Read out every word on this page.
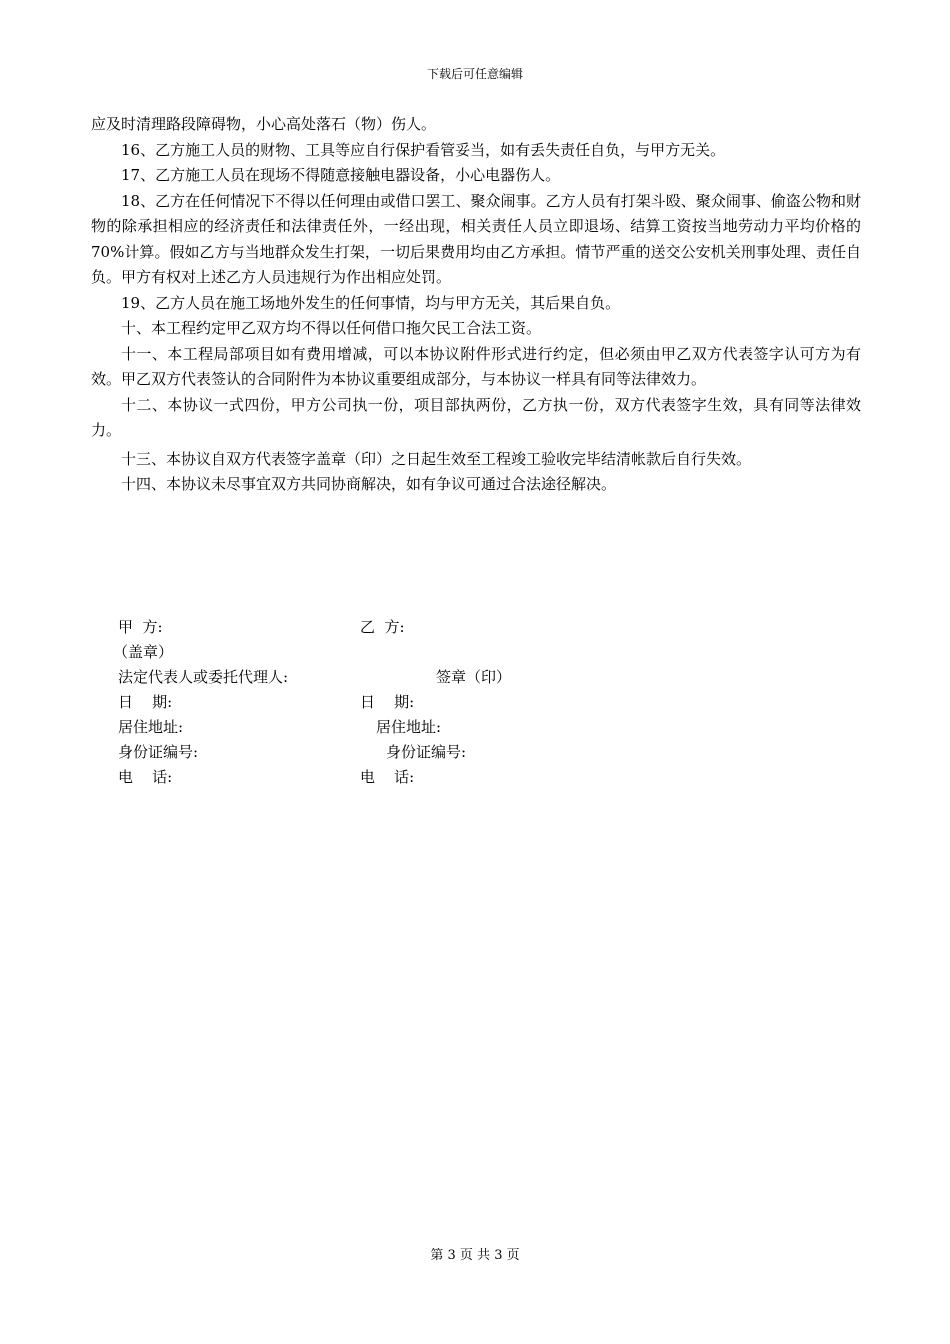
下载后可任意编辑

应及时清理路段障碍物，小心高处落石（物）伤人。

16、乙方施工人员的财物、工具等应自行保护看管妥当，如有丢失责任自负，与甲方无关。

17、乙方施工人员在现场不得随意接触电器设备，小心电器伤人。

18、乙方在任何情况下不得以任何理由或借口罢工、聚众闹事。乙方人员有打架斗殴、聚众闹事、偷盗公物和财物的除承担相应的经济责任和法律责任外，一经出现，相关责任人员立即退场、结算工资按当地劳动力平均价格的70%计算。假如乙方与当地群众发生打架，一切后果费用均由乙方承担。情节严重的送交公安机关刑事处理、责任自负。甲方有权对上述乙方人员违规行为作出相应处罚。

19、乙方人员在施工场地外发生的任何事情，均与甲方无关，其后果自负。

十、本工程约定甲乙双方均不得以任何借口拖欠民工合法工资。

十一、本工程局部项目如有费用增减，可以本协议附件形式进行约定，但必须由甲乙双方代表签字认可方为有效。甲乙双方代表签认的合同附件为本协议重要组成部分，与本协议一样具有同等法律效力。

十二、本协议一式四份，甲方公司执一份，项目部执两份，乙方执一份，双方代表签字生效，具有同等法律效力。

十三、本协议自双方代表签字盖章（印）之日起生效至工程竣工验收完毕结清帐款后自行失效。

十四、本协议未尽事宜双方共同协商解决，如有争议可通过合法途径解决。

甲  方:	乙  方:
（盖章）
法定代表人或委托代理人:	签章（印）
日    期:	日    期:
居住地址:	居住地址:
身份证编号:	身份证编号:
电    话:	电    话:
第 3 页 共 3 页
